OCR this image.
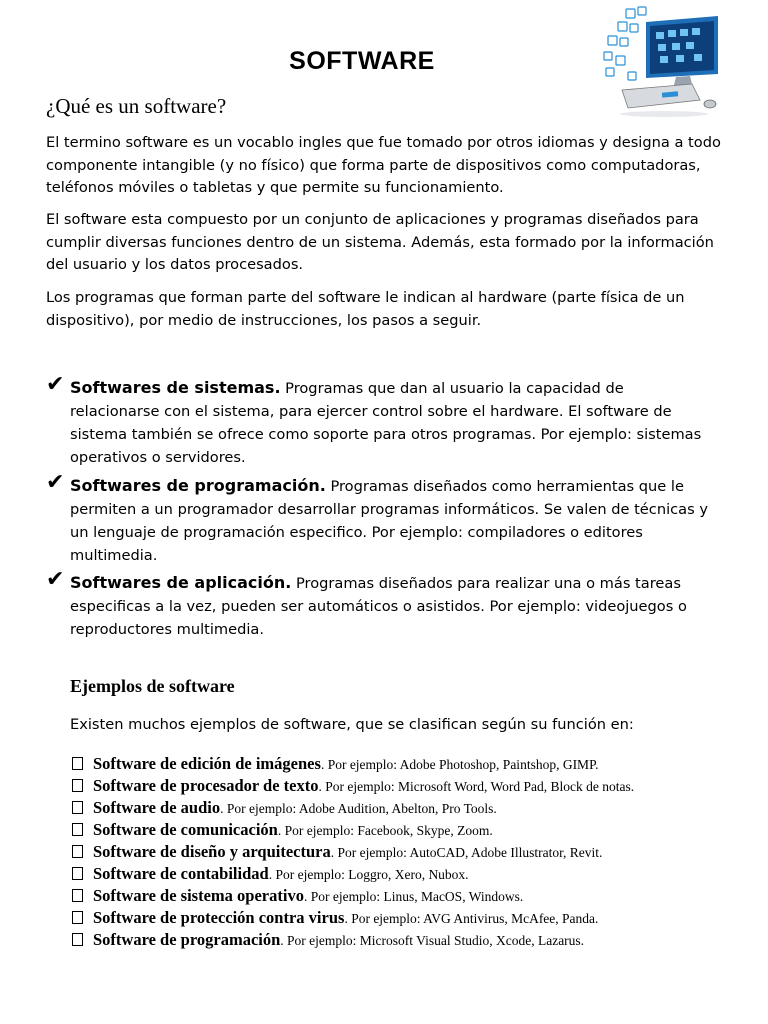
SOFTWARE
¿Qué es un software?
El termino software es un vocablo ingles que fue tomado por otros idiomas y designa a todo componente intangible (y no físico) que forma parte de dispositivos como computadoras, teléfonos móviles o tabletas y que permite su funcionamiento.
El software esta compuesto por un conjunto de aplicaciones y programas diseñados para cumplir diversas funciones dentro de un sistema. Además, esta formado por la información del usuario y los datos procesados.
Los programas que forman parte del software le indican al hardware (parte física de un dispositivo), por medio de instrucciones, los pasos a seguir.
✔ Softwares de sistemas. Programas que dan al usuario la capacidad de relacionarse con el sistema, para ejercer control sobre el hardware. El software de sistema también se ofrece como soporte para otros programas. Por ejemplo: sistemas operativos o servidores.
✔ Softwares de programación. Programas diseñados como herramientas que le permiten a un programador desarrollar programas informáticos. Se valen de técnicas y un lenguaje de programación especifico. Por ejemplo: compiladores o editores multimedia.
✔ Softwares de aplicación. Programas diseñados para realizar una o más tareas especificas a la vez, pueden ser automáticos o asistidos. Por ejemplo: videojuegos o reproductores multimedia.
Ejemplos de software
Existen muchos ejemplos de software, que se clasifican según su función en:
Software de edición de imágenes. Por ejemplo: Adobe Photoshop, Paintshop, GIMP.
Software de procesador de texto. Por ejemplo: Microsoft Word, Word Pad, Block de notas.
Software de audio. Por ejemplo: Adobe Audition, Abelton, Pro Tools.
Software de comunicación. Por ejemplo: Facebook, Skype, Zoom.
Software de diseño y arquitectura. Por ejemplo: AutoCAD, Adobe Illustrator, Revit.
Software de contabilidad. Por ejemplo: Loggro, Xero, Nubox.
Software de sistema operativo. Por ejemplo: Linus, MacOS, Windows.
Software de protección contra virus. Por ejemplo: AVG Antivirus, McAfee, Panda.
Software de programación. Por ejemplo: Microsoft Visual Studio, Xcode, Lazarus.
